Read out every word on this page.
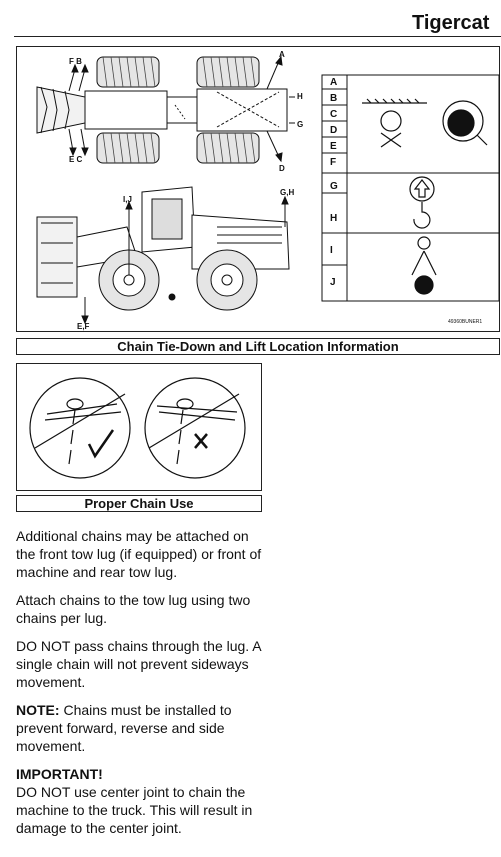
Tigercat
F B
A
H
G
E C
D
I,J
G,H
E,F
A
B
C
D
E
F
G
H
I
J
49360BUNER1
Chain Tie-Down and Lift Location Information
Proper Chain Use

Additional chains may be attached on the front tow lug (if equipped) or front of machine and rear tow lug.

Attach chains to the tow lug using two chains per lug.

DO NOT pass chains through the lug. A single chain will not prevent sideways movement.

NOTE: Chains must be installed to prevent forward, reverse and side movement.

IMPORTANT!

DO NOT use center joint to chain the machine to the truck. This will result in damage to the center joint.
